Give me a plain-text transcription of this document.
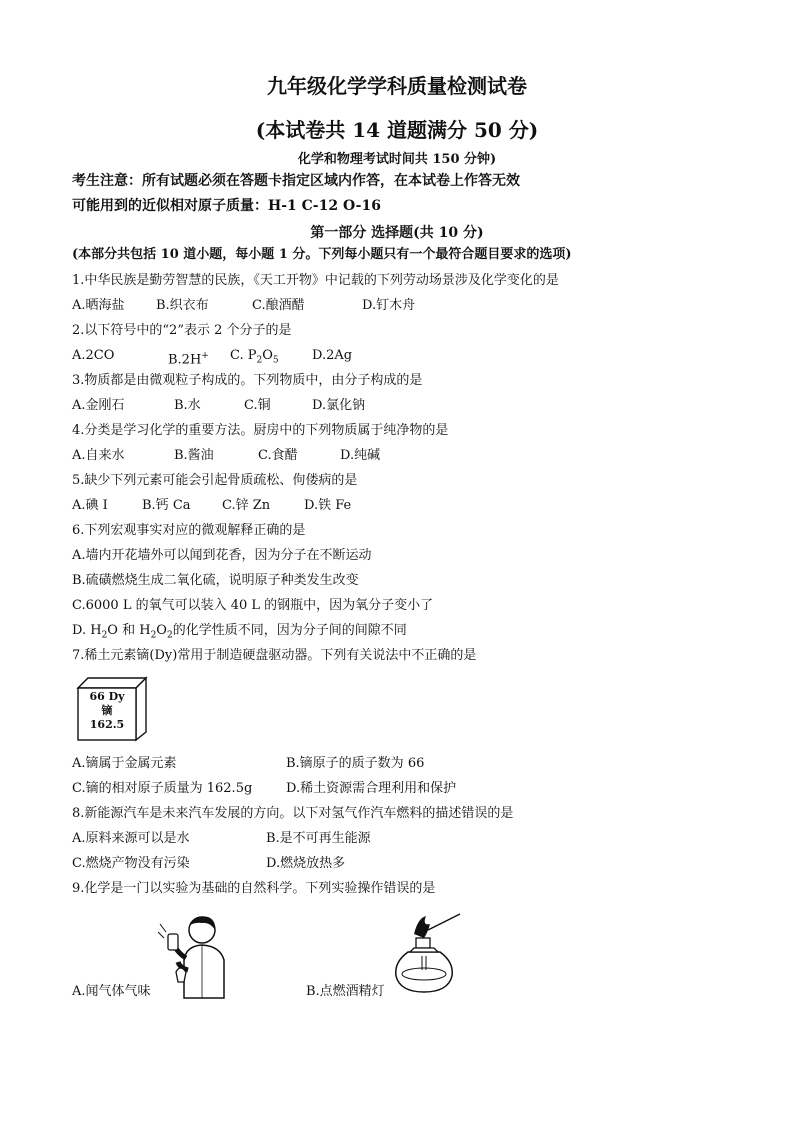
九年级化学学科质量检测试卷
(本试卷共 14 道题满分 50 分)
化学和物理考试时间共 150 分钟)
考生注意：所有试题必须在答题卡指定区域内作答，在本试卷上作答无效
可能用到的近似相对原子质量：H-1 C-12 O-16
第一部分 选择题(共 10 分)
(本部分共包括 10 道小题，每小题 1 分。下列每小题只有一个最符合题目要求的选项)
1.中华民族是勤劳智慧的民族，《天工开物》中记载的下列劳动场景涉及化学变化的是
A.晒海盐 B.织衣布	C.酿酒醋	D.钉木舟
2.以下符号中的“2”表示 2 个分子的是
A.2CO	B.2H+ C. $P_2O_5$	D.2Ag
3.物质都是由微观粒子构成的。下列物质中，由分子构成的是
A.金刚石	B.水	C.铜	D.氯化钠
4.分类是学习化学的重要方法。厨房中的下列物质属于纯净物的是
A.自来水	B.酱油	C.食醋	D.纯碱
5.缺少下列元素可能会引起骨质疏松、佝偻病的是
A.碘 I	B.钙 Ca C.锌 Zn	D.铁 Fe
6.下列宏观事实对应的微观解释正确的是
A.墙内开花墙外可以闻到花香，因为分子在不断运动
B.硫磺燃烧生成二氧化硫，说明原子种类发生改变
C.6000 L 的氧气可以装入 40 L 的钢瓶中，因为氧分子变小了
D. $H_2O$ 和 $H_2O_2$的化学性质不同，因为分子间的间隙不同
7.稀土元素镝(Dy)常用于制造硬盘驱动器。下列有关说法中不正确的是
66 Dy
镝
162.5
A.镝属于金属元素	B.镝原子的质子数为 66
C.镝的相对原子质量为 162.5g	D.稀土资源需合理利用和保护
8.新能源汽车是未来汽车发展的方向。以下对氢气作汽车燃料的描述错误的是
A.原料来源可以是水	B.是不可再生能源
C.燃烧产物没有污染	D.燃烧放热多
9.化学是一门以实验为基础的自然科学。下列实验操作错误的是
A.闻气体气味	B.点燃酒精灯
